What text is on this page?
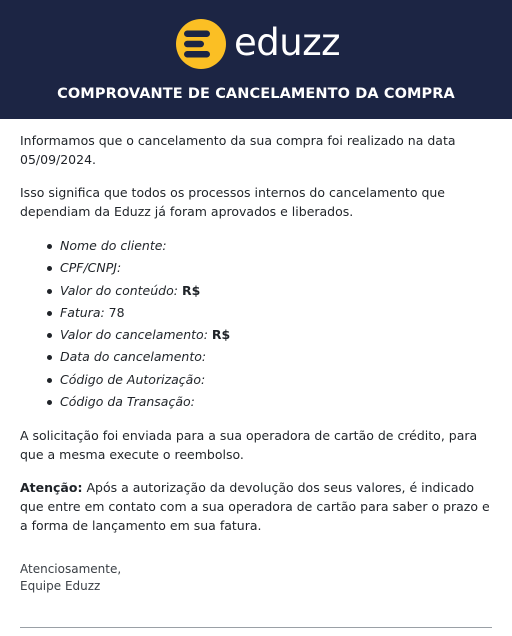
eduzz
COMPROVANTE DE CANCELAMENTO DA COMPRA

Informamos que o cancelamento da sua compra foi realizado na data 05/09/2024.

Isso significa que todos os processos internos do cancelamento que dependiam da Eduzz já foram aprovados e liberados.

Nome do cliente:
CPF/CNPJ:
Valor do conteúdo: R$
Fatura: 78
Valor do cancelamento: R$
Data do cancelamento:
Código de Autorização:
Código da Transação:

A solicitação foi enviada para a sua operadora de cartão de crédito, para que a mesma execute o reembolso.

Atenção: Após a autorização da devolução dos seus valores, é indicado que entre em contato com a sua operadora de cartão para saber o prazo e a forma de lançamento em sua fatura.

Atenciosamente,
Equipe Eduzz
